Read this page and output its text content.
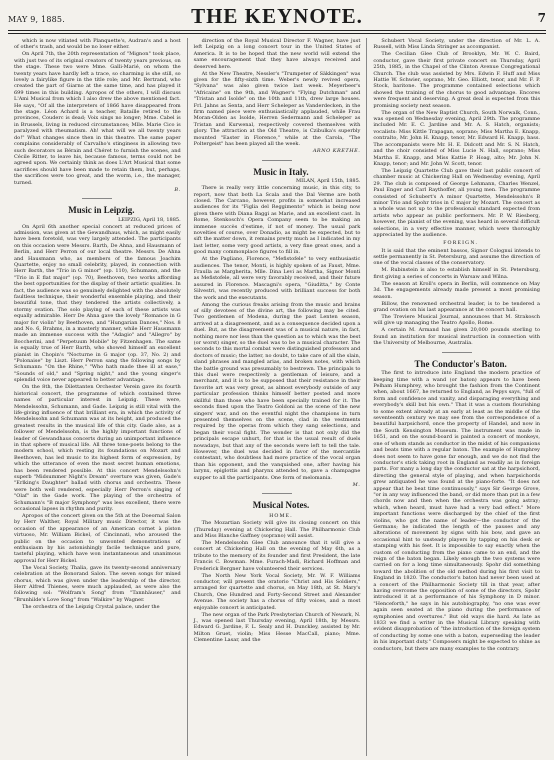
MAY 9, 1885.	THE KEYNOTE.	7

which is now vitiated with Planquette's, Audran's and a host of other's trash, and would be no loser either.

On April 7th, the 20th representation of "Mignon" took place, with just two of its original creators of twenty years previous, on the stage. These two were Mme. Galli-Marié, on whom the twenty years have hardly left a trace, so charming is she still, so lovely a fairylike figure in the title role; and Mr. Bertrand, who created the part of Giarno at the same time, and has played it 699 times in this building. Apropos of the others, I will discuss L'Ami Musical from which I also drew the above mentioned fact. He says, "Of all the interpreters of 1866 have disappeared from the stage. Léon Achard is a teacher, Bataille retired to the provinces, Couderc is dead; Voix sings no longer; Mme. Cabel is in Brussels, living in reduced circumstances; Mlle. Marie Cico is paralyzed with rheumatism. Ah! what will we all twenty years do!" What changes since then in this theatre. The same paper complains considerably of Carvalho's stinginess in allowing two such decorators as Bérain and Chéret to furnish the scenes, and Cécile Ritter, to leave his, because famous, terms could not be agreed upon. We certainly think as does L'Art Musical that some sacrifices should have been made to retain them, but, perhaps, the sacrifices were too great, and the worm, i.e., the manager, turned.

B.

Music in Leipzig.

LEIPZIG, April 18, 1885.

On April 6th another special concert at reduced prices of admission, was given at the Gewandhaus, which, as might easily have been foretold, was very largely attended. The participants on this occasion were Messrs. Barth, De Ahna, and Hausmann of Berlin, and Herr Perron of our local theatre. Messrs. De Ahna and Hausmann who, as members of the famous Joachim Quartette, enjoy no small celebrity, played, in connection with Herr Barth, the "Trio in G minor" (op. 110), Schumann, and the "Trio in E flat major" (op. 70), Beethoven, two works affording the best opportunities for the display of their artistic qualities. In fact, the audience was so genuinely delighted with the absolutely faultless technique, their wonderful ensemble playing, and their beautiful tone, that they tendered the artists collectively, a stormy ovation. The solo playing of each of these artists was equally admirable. Herr De Ahna gave the lovely "Romance in G major for violin" by Beethoven, and "Hungarian Dances," Nos. 8 and No. 6, Brahms, in a masterly manner, while Herr Hausmann made an immense success with the "Adagio" and "Allegro" by Boccherini, and "Perpetuum Mobile" by Fitzenhagen. The same is equally true of Herr Barth, who showed himself an excellent pianist in Chopin's "Nocturne in G major (op. 37, No. 2) and "Polonaise" by Liszt. Herr Perron sang the following songs by Schumann: "On the Rhine," "Who hath made thee ill at ease," "Sounds of old," and "Spring night," and the young singer's splendid voice never appeared to better advantage.

On the 8th, the Dilettanten Orchester Verein gave its fourth historical concert, the programme of which contained three names of particular interest in Leipzig. These were, Mendelssohn, Schumann, and Gade. Leipzig is still vital with the life-giving influence of that brilliant era, in which the activity of Mendelssohn and Schumann was at its height, and produced the greatest results in the musical life of this city. Gade also, as a follower of Mendelssohn, is the highly important functions of leader of Gewandhaus concerts during an unimportant influence in that sphere of musical life. All three tone-poets belong to the modern school, which resting its foundations on Mozart and Beethoven, has led music to its highest form of expression, by which the utterance of even the most secret human emotions, has been rendered possible. At this concert Mendelssohn's superb "Midsummer Night's Dream" overture was given, Gade's "Erlking's Daughter" ballad with chorus and orchestra. These were both well rendered, especially Herr Perron's singing of "Olaf" in the Gade work. The playing of the orchestra of Schumann's "B major Symphony" was less excellent, there were occasional lapses in rhythm and purity.

Apropos of the concert given on the 5th at the Doeornal Salon by Herr Walther, Royal Military music Director, it was the occasion of the appearance of an American cornet à piston virtuoso, Mr. William Bickel, of Cincinnati, who aroused the public on the occasion to unwonted demonstrations of enthusiasm by his astonishingly facile technique and pure, tasteful playing, which have won instantaneous and unanimous approval for Herr Bickel.

The Vocal Society, Thalia, gave its twenty-second anniversary celebration at the Bonorand Salon. The seven songs for mixed chorus, which was given under the leadership of the director, Herr Alfred Thienes, were much applauded, as were also the following sol: "Wolfram's Song" from "Tannhäuser," and "Brunhilde's Love Song" from "Walkire" by Wagner.

The orchestra of the Leipzig Crystal palace, under the

direction of the Royal Musical Director F. Wagner, have just left Leipzig on a long concert tour in the United States of America. It is to be hoped that the new world will extend the same encouragement that they have always received and deserved here.

At the New Theatre, Nessler's "Trumpeter of Säkkingen" was given for the fifty-sixth time. Weber's newly revived opera, "Sylvana" was also given twice last week. Meyerbeer's "Africaine" on the 9th, and Wagner's "Flying Dutchman" and "Tristan and Isolde" on the 10th and 11th, drew large houses. Frl. Jahns as Senta, and Herr Scheleper as Vanderdecken, in the firm named piece were enthusiastically applauded, while Frau Moran-Olden as Isolde, Herren Sedermann and Scheleper as Tristan and Kurwenal, respectively covered themselves with glory. The attraction at the Old Theatre, is Czibulka's superbly mounted "Easter in Florence," while at the Carola, "The Poltergeist" has been played all the week.

ARNO KRETHE.

Music in Italy.

MILAN, April 15th, 1885.

There is really very little concerning music, in this city, to report, now that both La Scala and the Dal Verme are both closed. The Carcano, however, profits in somewhat increased audiences for its "Figlia del Reggimento" which is being now given there with Diana Baggi as Marie, and an excellent cast. In Rome, Stenkosch's Opera Company seem to be making an immense succès d'estime, if not of money. The usual park novelties of course, over Donadio, as might be expected, but to sift the matter down, it remains pretty much as I indicated in my last letter, some very good artists, a very fine great ones, and a good many commonplace figures to fill in.

At the Pagliano, Florence, "Mefistofele" to very enthusiastic audiences. The tenor, Monti, is highly spoken of as Faust, Mme. Fraulla as Margherita, Mlle. Dina Levi as Martha, Signor Monti as Mefistofele, all were very favorably received, and their future assured in Florence. Mascagni's opera, "Giuditta," by Conte Silvestri, was recently produced with brilliant success for both the work and the executants.

Among the curious freaks arising from the music and brains of silly devotees of the divine art, the following may be cited. Two gentlemen of Modena, during the past Lenten season, arrived at a disagreement, and as a consequence decided upon a duel. But, as the disagreement was of a musical nature, in fact, nothing more nor less than the question as to which was the best (or worst) singer, so the duel was to be a musical character. The seconds to this mortal combat were distinguished professors and doctors of music; the latter, no doubt, to take care of all the slain, sland phrases and mangled arias, and broken notes, with which the battle ground was presumably to bestrewn. The principals to this duel were respectively a gentleman of leisure, and a merchant, and it is to be supposed that their resistance in their favorite art was very great, as almost everybody outside of any particular profession thinks himself better posted and more skillful than those who have been specially trained for it. The seconds fixed upon the Teatro Goldoni as the scene of the new singers' war, and on the eventful night the champions in turn presented themselves on the scene, clad in the vestments required by the operas from which they sang selections, and began their vocal fight. The wonder is that not only did the principals escape unhurt, for that is the usual result of duels nowadays, but that any of the seconds were left to tell the tale. However, the duel was decided in favor of the mercantile contestant, who doubtless had more practice of the vocal organ than his opponent, and the vanquished one, after having his larynx, epiglottis and pharynx attended to, gave a champagne supper to all the participants. One form of melomania.

M.

Musical Notes.

HOME.

The Mozartian Society will give its closing concert on this (Thursday) evening at Chickering Hall. The Philharmonic Club and Miss Blanche Gaffney (soprano) will assist.

The Mendelssohn Glee Club announce that it will give a concert at Chickering Hall on the evening of May 6th, as a tribute to the memory of its founder and first President, the late Francis C. Bowman. Mme. Furach-Madi, Richard Hoffman and Frederick Bergner have volunteered their services.

The North New York Vocal Society, Mr. W. F. Williams conductor, will present the oratorio "Christ and His Soldiers," arranged for quartette and chorus, on May 18th, at St. Mary's Church, One Hundred and Forty-Second Street and Alexander Avenue. The society has a chorus of fifty voices, and a most enjoyable concert is anticipated.

The new organ of the Park Presbyterian Church of Newark, N. J., was opened last Thursday evening, April 18th, by Messrs. Edward G. Jardine, F. L. Sealy and H. Dunckley, assisted by Mr. Milton Gruet, violin; Miss Hesse MacCall, piano; Mme. Clementine Lasar, and the

Schubert Vocal Society, under the direction of Mr. L. A. Russell, with Miss Linda Stringer as accompanist.

The Cecilian Glee Club of Brooklyn, Mr. W. C. Baird, conductor, gave their first private concert on Thursday, April 25th, 1885, in the Chapel of the Clinton Avenue Congregational Church. The club was assisted by Mrs. Edwin F. Huff and Miss Hattie W. Schwier, soprano, Mr. Geo. Elliott, tenor, and Mr. F. P. Stock, baritone. The programme contained selections which showed the training of the chorus to good advantage. Encores were frequent and deserving. A great deal is expected from this promising society next season.

The organ of the New Baptist Church, South Norwalk, Conn., was opened on Wednesday evening, April 29th. The programme included Mr. E. C. Jardine and Mr. A. S. Hatch, organists; vocalists: Miss Kittle Trapagan, soprano; Miss Martha E. Knapp, contralto, Mr. John H. Knapp, tenor, Mr. Edward H. Knapp, bass. The accompanists were Mr. H. E. Didcott and Mr. S. N. Hatch, and the choir consisted of Miss Lucie N. Hall, soprano; Miss Martha E. Knapp, and Miss Kattie P. Hoag, alto; Mr. John N. Knapp, tenor; and Mr. John W. Scott, tenor.

The Leipzig Quartette Club gave their last public concert of chamber music at Chickering Hall on Wednesday evening, April 29. The club is composed of George Lehmann, Charles Wenzel, Paul Enger and Carl Raythoffer, all young men. The programme consisted of Schubert's A minor Quartette, Mendelssohn's B minor Trio and Spohr trios in C major by Mozart. The concert as a whole was not up to the professional standard expected from artists who appear as public performers. Mr. P. W. Riesberg, however, the pianist of the evening, was heard in several difficult selections, in a very effective manner, which were thoroughly appreciated by the audience.

FOREIGN.

It is said that the eminent bassos, Signor Colognui intends to settle permanently in St. Petersburg, and assume the direction of one of the vocal classes of the conservatory.

M. Rubinstein is also to establish himself in St. Petersburg, first giving a series of concerts in Warsaw and Wilna.

The season at Kroll's opera in Berlin, will commence on May 3d. The engagements already made present a most promising season.

Billow, the renowned orchestral leader, is to be tendered a grand ovation on his last appearance at the concert hall.

The Treviere Musical Journal, announces that M. Strakosch will give up managing the Teatro Apollo, Rome.

A certain M. Armand has given 20,000 pounds sterling to found an institution for musical instruction in connection with the University of Melbourne, Australia.

The Conductor's Baton.

The first to introduce into England the modern practice of keeping time with a wand (or baton) appears to have been Pelham Humphrey, who brought the fashion from the Continent when, about 1667, he returned to England, as Pepys says, "full of form and confidence and vanity, and disparaging everything and everybody's skill but his own." That it was a custom flourishing to some extent already at an early at least as the middle of the seventeenth century we may see from the correspondence of a beautiful harpsichord, once the property of Handel, and now in the South Kensington Museum. The instrument was made in 1651, and on the sound-board is painted a concert of monkeys, one of whom stands as conductor in the midst of his companions and beats time with a regular baton. The example of Humphrey does not seem to have gone far enough, and we do not find the conductor's stick taking root in England as readily as in foreign parts. For many a long day the conductor sat at the harpsichord, directing the general style of playing, and when harpsichords grew antiquated he was found at the piano-forte. "It does not appear that he beat time continuously," says Sir George Grove, "or in any way influenced the band, or did more than put in a few chords now and then when the orchestra was going astray; which, when heard, must have had a very bad effect." More important functions were discharged by the chief of the first violins, who got the name of leader—the conductor of the Germans; he indicated the length of the pauses and any alterations of movement by signs with his bow, and gave an occasional hint to unsteady players by tapping on his desk or stamping with his feet. It is impossible to say exactly when the custom of conducting from the piano came to an end, and the reign of the baton began. Likely enough the two systems were carried on for a long time simultaneously. Spohr did something toward the abolition of the old method during his first visit to England in 1820. The conductor's baton had never been used at a concert of the Philharmonic Society till in that year, after having overcome the opposition of some of the directors, Spohr introduced it at a performance of his Symphony in D minor. "Henceforth," he says in his autobiography, "no one was ever again seen seated at the piano during the performance of symphonies and overtures." But old ways die hard. As late as 1833 we find a writer in the Musical Library speaking with evident disapprobation of "the introduction of the foreign system of conducting by some one with a baton, superseding the leader in his important duty." Composers might be expected to shine as conductors, but there are many examples to the contrary.
